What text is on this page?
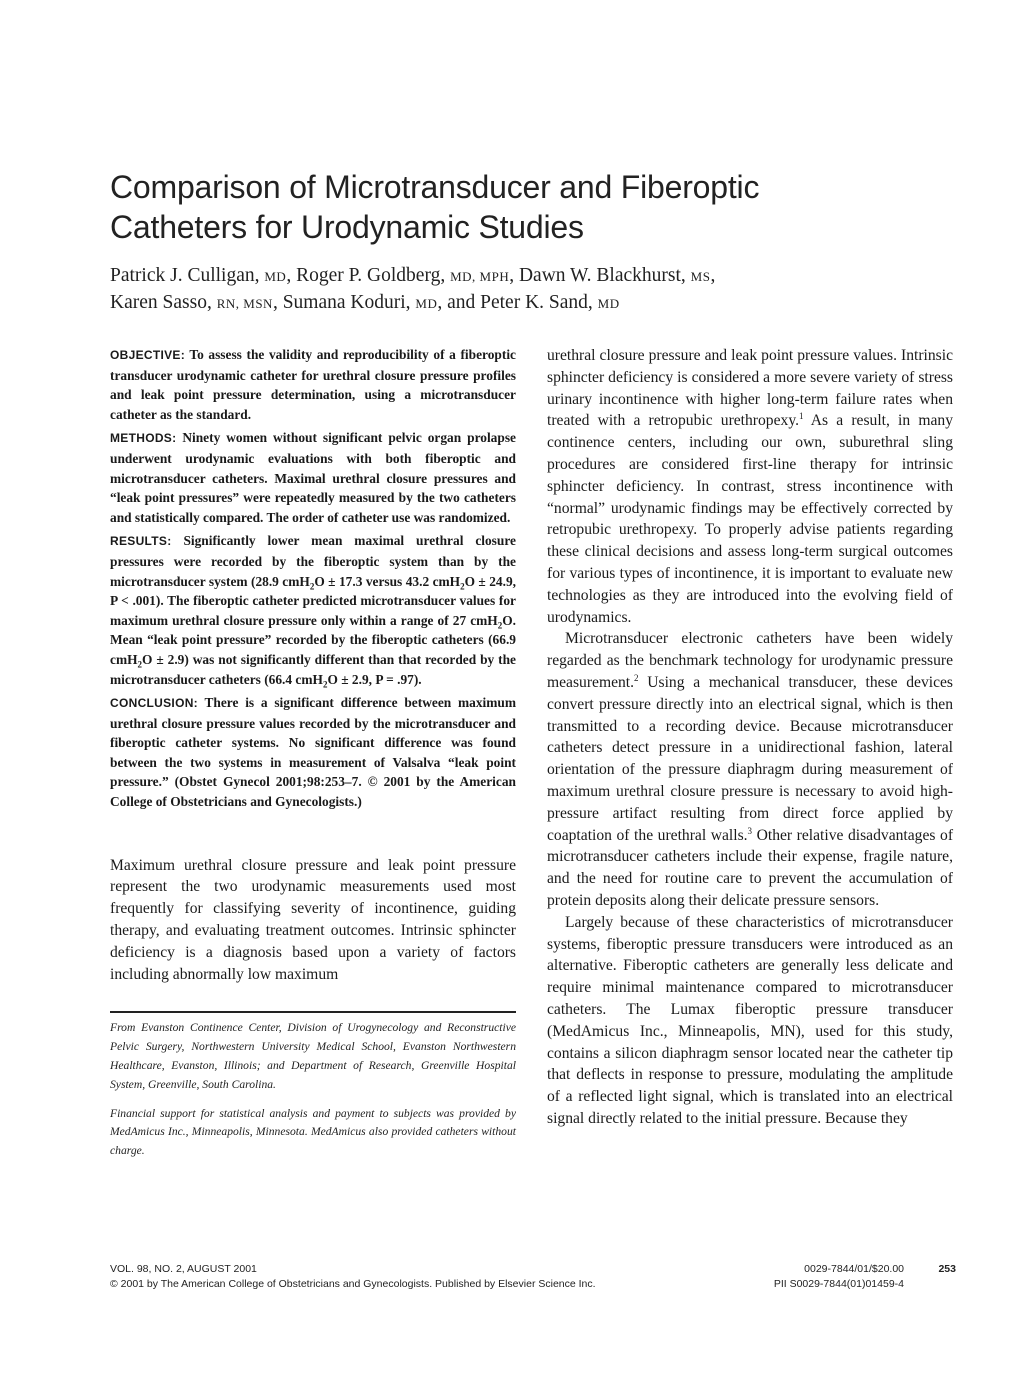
Comparison of Microtransducer and Fiberoptic
Catheters for Urodynamic Studies
Patrick J. Culligan, MD, Roger P. Goldberg, MD, MPH, Dawn W. Blackhurst, MS,
Karen Sasso, RN, MSN, Sumana Koduri, MD, and Peter K. Sand, MD

OBJECTIVE: To assess the validity and reproducibility of a fiberoptic transducer urodynamic catheter for urethral closure pressure profiles and leak point pressure determination, using a microtransducer catheter as the standard.

METHODS: Ninety women without significant pelvic organ prolapse underwent urodynamic evaluations with both fiberoptic and microtransducer catheters. Maximal urethral closure pressures and “leak point pressures” were repeatedly measured by the two catheters and statistically compared. The order of catheter use was randomized.

RESULTS: Significantly lower mean maximal urethral closure pressures were recorded by the fiberoptic system than by the microtransducer system (28.9 cmH$_2$O ± 17.3 versus 43.2 cmH$_2$O ± 24.9, P < .001). The fiberoptic catheter predicted microtransducer values for maximum urethral closure pressure only within a range of 27 cmH$_2$O. Mean “leak point pressure” recorded by the fiberoptic catheters (66.9 cmH$_2$O ± 2.9) was not significantly different than that recorded by the microtransducer catheters (66.4 cmH$_2$O ± 2.9, P = .97).

CONCLUSION: There is a significant difference between maximum urethral closure pressure values recorded by the microtransducer and fiberoptic catheter systems. No significant difference was found between the two systems in measurement of Valsalva “leak point pressure.” (Obstet Gynecol 2001;98:253–7. © 2001 by the American College of Obstetricians and Gynecologists.)

Maximum urethral closure pressure and leak point pressure represent the two urodynamic measurements used most frequently for classifying severity of incontinence, guiding therapy, and evaluating treatment outcomes. Intrinsic sphincter deficiency is a diagnosis based upon a variety of factors including abnormally low maximum

From Evanston Continence Center, Division of Urogynecology and Reconstructive Pelvic Surgery, Northwestern University Medical School, Evanston Northwestern Healthcare, Evanston, Illinois; and Department of Research, Greenville Hospital System, Greenville, South Carolina.

Financial support for statistical analysis and payment to subjects was provided by MedAmicus Inc., Minneapolis, Minnesota. MedAmicus also provided catheters without charge.

urethral closure pressure and leak point pressure values. Intrinsic sphincter deficiency is considered a more severe variety of stress urinary incontinence with higher long-term failure rates when treated with a retropubic urethropexy.$^1$ As a result, in many continence centers, including our own, suburethral sling procedures are considered first-line therapy for intrinsic sphincter deficiency. In contrast, stress incontinence with “normal” urodynamic findings may be effectively corrected by retropubic urethropexy. To properly advise patients regarding these clinical decisions and assess long-term surgical outcomes for various types of incontinence, it is important to evaluate new technologies as they are introduced into the evolving field of urodynamics.

Microtransducer electronic catheters have been widely regarded as the benchmark technology for urodynamic pressure measurement.$^2$ Using a mechanical transducer, these devices convert pressure directly into an electrical signal, which is then transmitted to a recording device. Because microtransducer catheters detect pressure in a unidirectional fashion, lateral orientation of the pressure diaphragm during measurement of maximum urethral closure pressure is necessary to avoid high-pressure artifact resulting from direct force applied by coaptation of the urethral walls.$^3$ Other relative disadvantages of microtransducer catheters include their expense, fragile nature, and the need for routine care to prevent the accumulation of protein deposits along their delicate pressure sensors.

Largely because of these characteristics of microtransducer systems, fiberoptic pressure transducers were introduced as an alternative. Fiberoptic catheters are generally less delicate and require minimal maintenance compared to microtransducer catheters. The Lumax fiberoptic pressure transducer (MedAmicus Inc., Minneapolis, MN), used for this study, contains a silicon diaphragm sensor located near the catheter tip that deflects in response to pressure, modulating the amplitude of a reflected light signal, which is translated into an electrical signal directly related to the initial pressure. Because they

VOL. 98, NO. 2, AUGUST 2001
© 2001 by The American College of Obstetricians and Gynecologists. Published by Elsevier Science Inc.
0029-7844/01/$20.00
PII S0029-7844(01)01459-4
253
